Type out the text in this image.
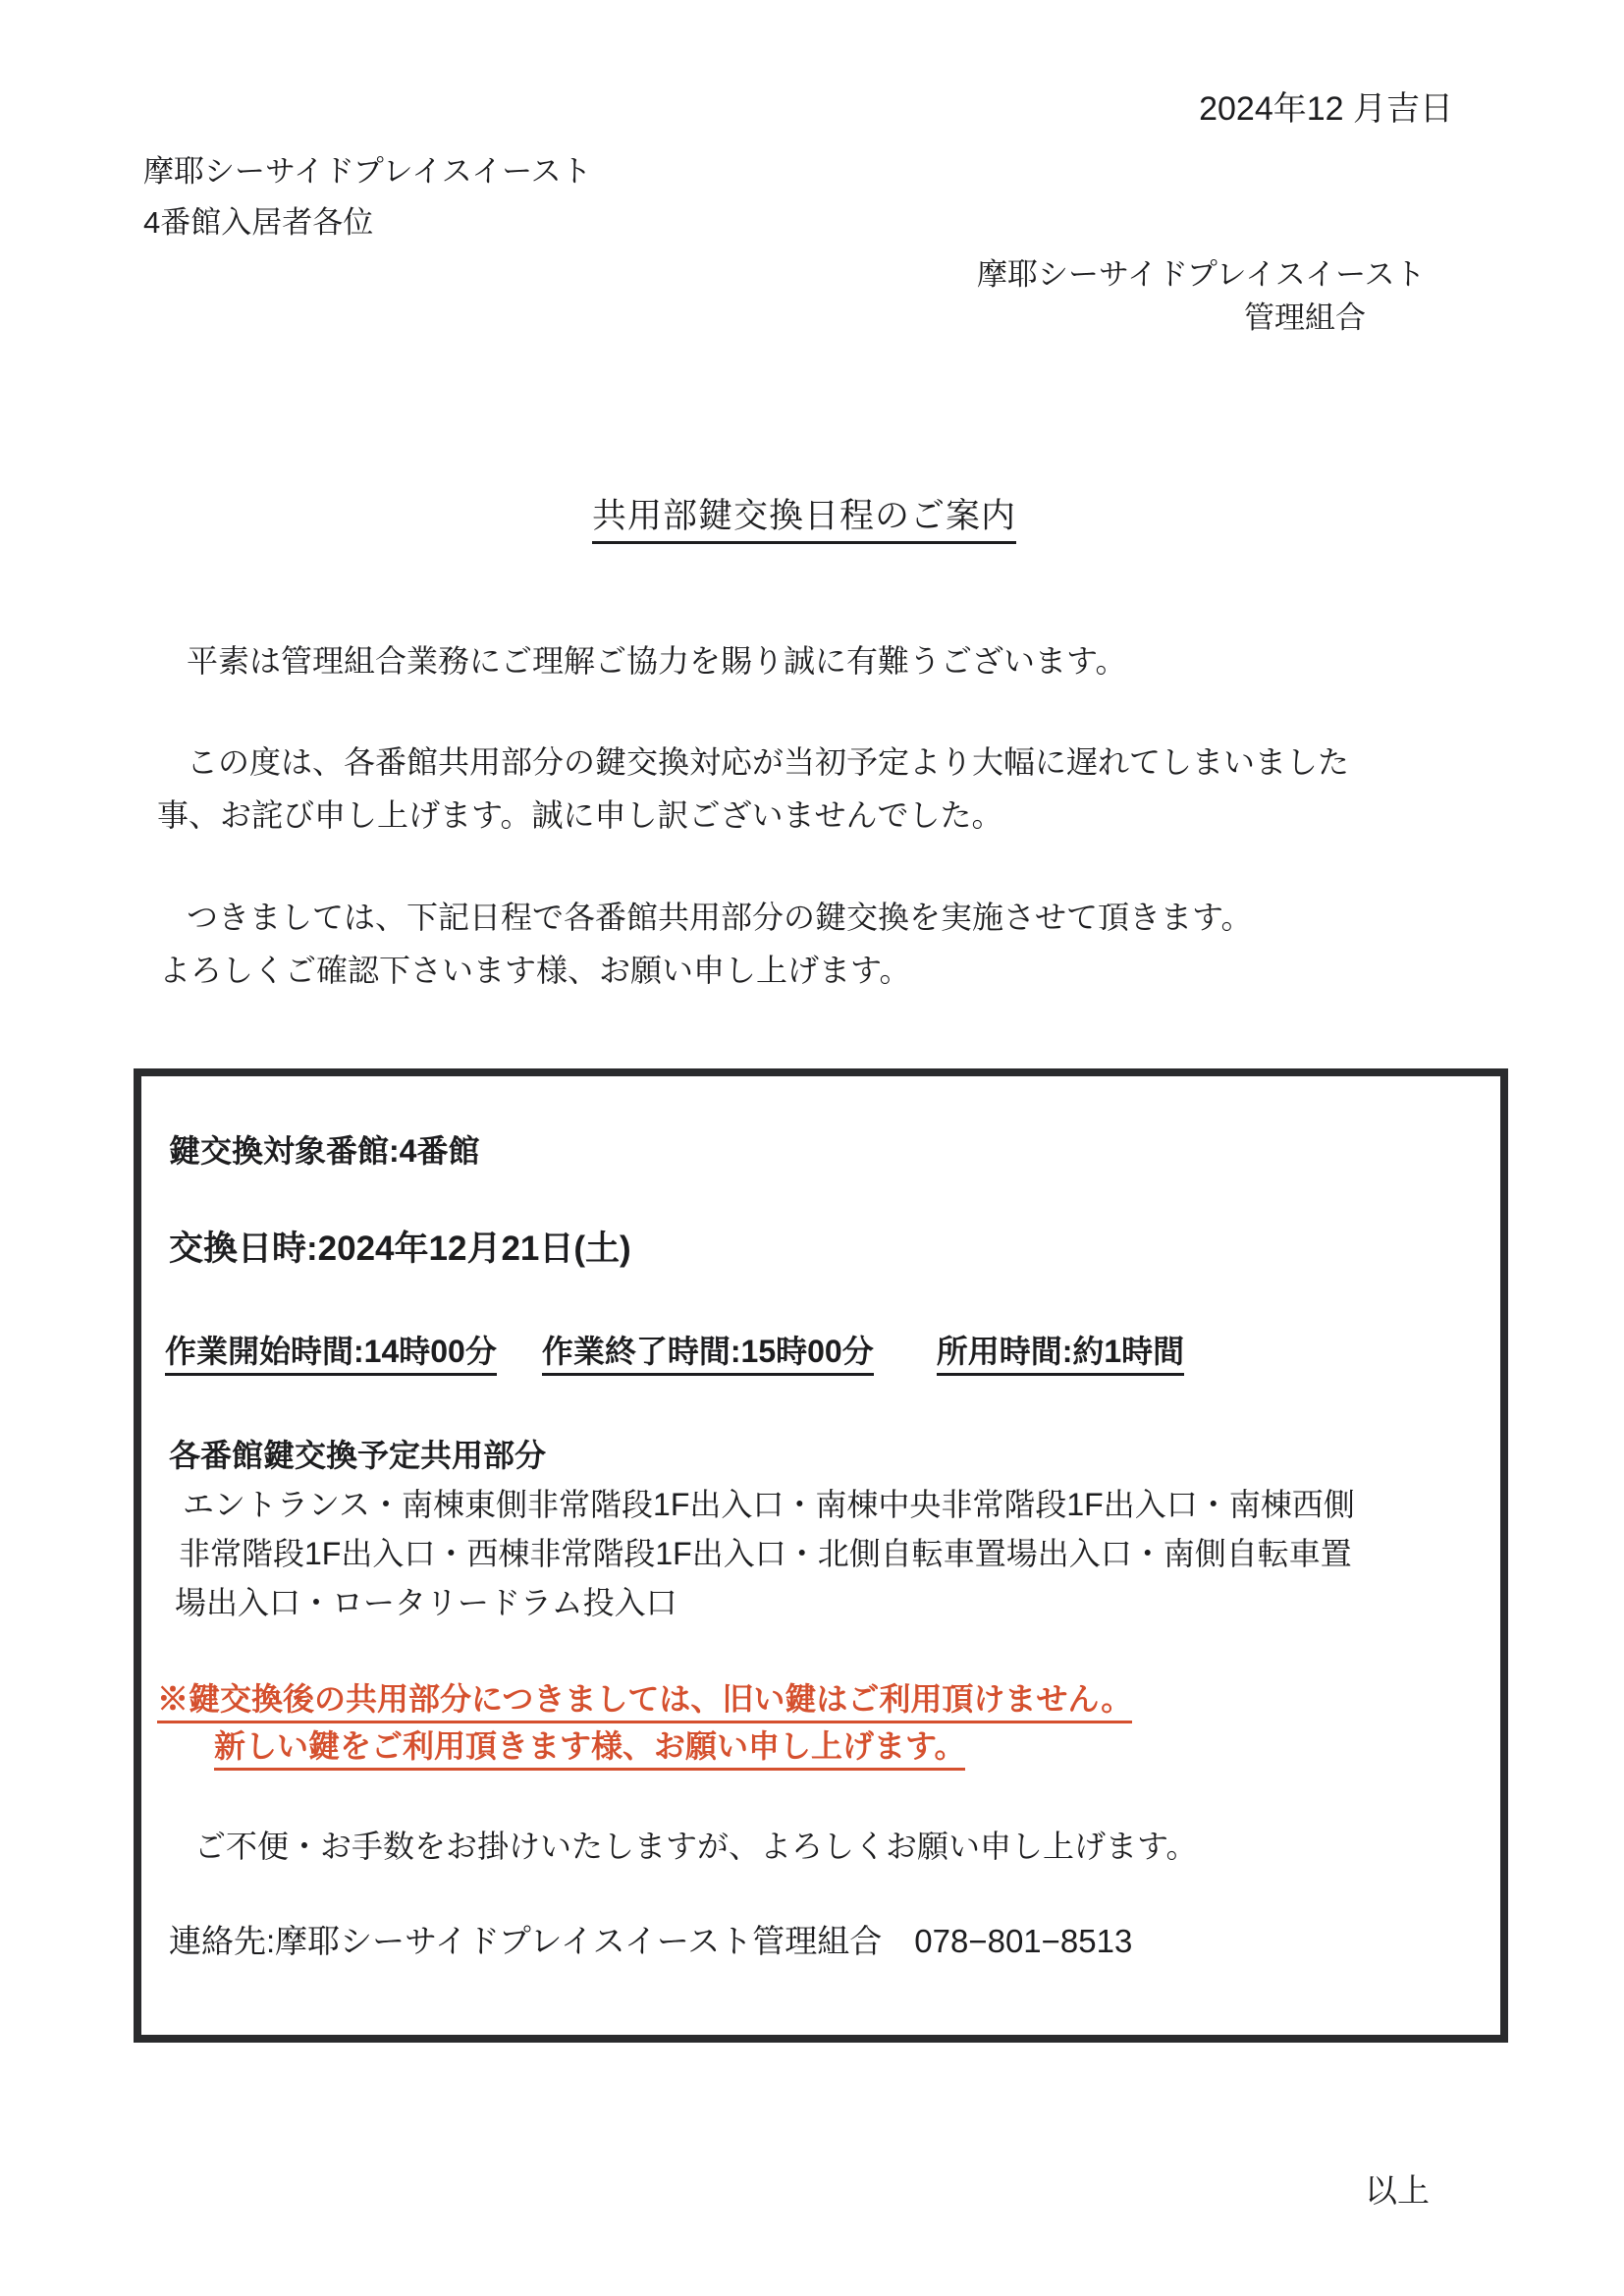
2024年12 月吉日
摩耶シーサイドプレイスイースト
4番館入居者各位
摩耶シーサイドプレイスイースト
管理組合
共用部鍵交換日程のご案内
平素は管理組合業務にご理解ご協力を賜り誠に有難うございます。
この度は、各番館共用部分の鍵交換対応が当初予定より大幅に遅れてしまいました
事、お詫び申し上げます。誠に申し訳ございませんでした。
つきましては、下記日程で各番館共用部分の鍵交換を実施させて頂きます。
よろしくご確認下さいます様、お願い申し上げます。
鍵交換対象番館:4番館
交換日時:2024年12月21日(土)
作業開始時間:14時00分 作業終了時間:15時00分 所用時間:約1時間
各番館鍵交換予定共用部分
エントランス・南棟東側非常階段1F出入口・南棟中央非常階段1F出入口・南棟西側
非常階段1F出入口・西棟非常階段1F出入口・北側自転車置場出入口・南側自転車置
場出入口・ロータリードラム投入口
※鍵交換後の共用部分につきましては、旧い鍵はご利用頂けません。
新しい鍵をご利用頂きます様、お願い申し上げます。
ご不便・お手数をお掛けいたしますが、よろしくお願い申し上げます。
連絡先:摩耶シーサイドプレイスイースト管理組合　078−801−8513
以上
